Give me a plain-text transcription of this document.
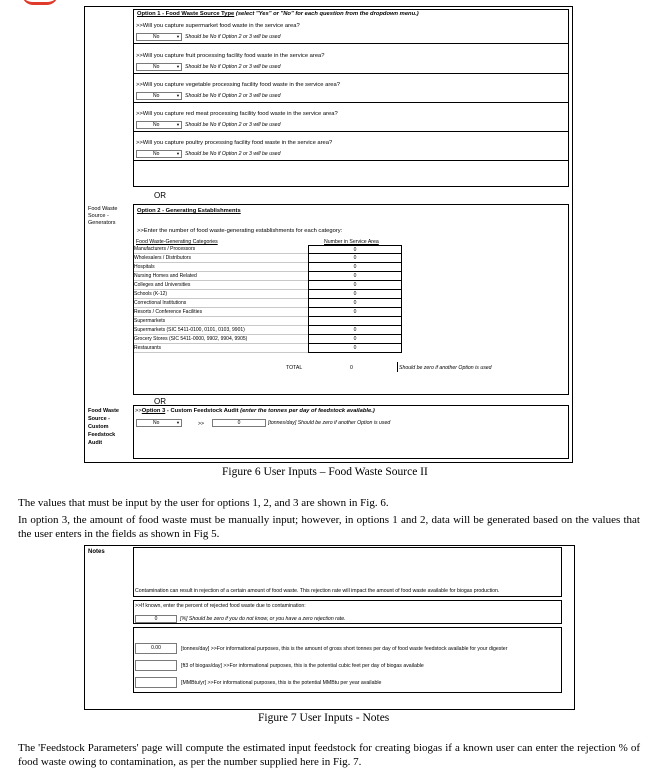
Option 1 - Food Waste Source Type (select "Yes" or "No" for each question from the dropdown menu.)
>>Will you capture supermarket food waste in the service area?
No	▼ Should be No if Option 2 or 3 will be used
>>Will you capture fruit processing facility food waste in the service area?
No	▼ Should be No if Option 2 or 3 will be used
>>Will you capture vegetable processing facility food waste in the service area?
No	▼ Should be No if Option 2 or 3 will be used
>>Will you capture red meat processing facility food waste in the service area?
No	▼ Should be No if Option 2 or 3 will be used
>>Will you capture poultry processing facility food waste in the service area?
No	▼ Should be No if Option 2 or 3 will be used
OR
Food Waste
Source -
Generators
Option 2 - Generating Establishments
>>Enter the number of food waste-generating establishments for each category:
Food Waste-Generating Categories	Number in Service Area
Manufacturers / Processors	0
Wholesalers / Distributors	0
Hospitals	0
Nursing Homes and Related	0
Colleges and Universities	0
Schools (K-12)	0
Correctional Institutions	0
Resorts / Conference Facilities	0
Supermarkets
Supermarkets (SIC 5411-0100, 0101, 0103, 9901)	0
Grocery Stores (SIC 5411-0000, 9902, 9904, 9905)	0
Restaurants	0
TOTAL	0	Should be zero if another Option is used
OR
Food Waste
Source -
Custom
Feedstock
Audit
>>Option 3 - Custom Feedstock Audit (enter the tonnes per day of feedstock available.)
No	▼	>>	0	[tonnes/day] Should be zero if another Option is used
Figure 6 User Inputs – Food Waste Source II
The values that must be input by the user for options 1, 2, and 3 are shown in Fig. 6.
In option 3, the amount of food waste must be manually input; however, in options 1 and 2, data will be generated based on the values that the user enters in the fields as shown in Fig 5.
Notes
Contamination can result in rejection of a certain amount of food waste. This rejection rate will impact the amount of food waste available for biogas production.
>>If known, enter the percent of rejected food waste due to contamination:
0	[%] Should be zero if you do not know, or you have a zero rejection rate.
0.00	[tonnes/day] >>For informational purposes, this is the amount of gross short tonnes per day of food waste feedstock available for your digester
[ft3 of biogas/day] >>For informational purposes, this is the potential cubic feet per day of biogas available
[MMBtu/yr] >>For informational purposes, this is the potential MMBtu per year available
Figure 7 User Inputs - Notes
The 'Feedstock Parameters' page will compute the estimated input feedstock for creating biogas if a known user can enter the rejection % of food waste owing to contamination, as per the number supplied here in Fig. 7.
